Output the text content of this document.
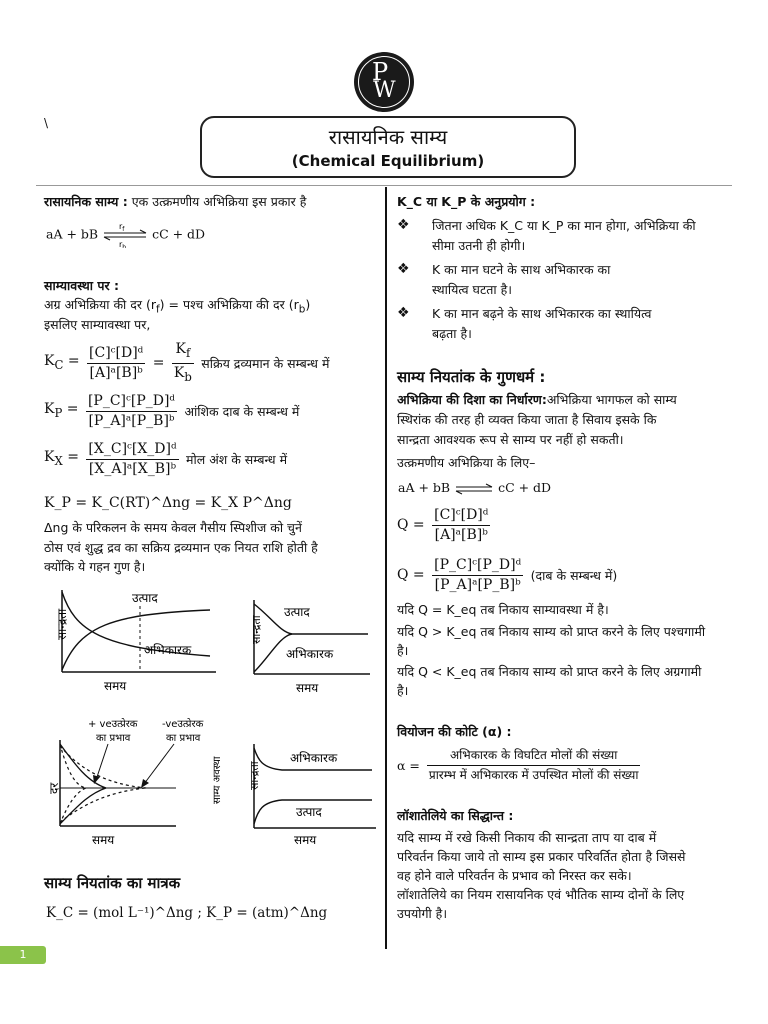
P
W
\
रासायनिक साम्य
(Chemical Equilibrium)
रासायनिक साम्य : एक उत्क्रमणीय अभिक्रिया इस प्रकार है
aA + bB	$r_f$
$r_b$
cC + dD
साम्यावस्था पर :
अग्र अभिक्रिया की दर $(r_f)$ = पश्च अभिक्रिया की दर $(r_b)$
इसलिए साम्यावस्था पर,
$K_C = \frac{\text{[C]ᶜ[D]ᵈ}}{\text{[A]ᵃ[B]ᵇ}} = \frac{K_f}{K_b}$ सक्रिय द्रव्यमान के सम्बन्ध में
$K_P = \frac{\text{[P\_C]ᶜ[P\_D]ᵈ}}{\text{[P\_A]ᵃ[P\_B]ᵇ}}$ आंशिक दाब के सम्बन्ध में
$K_X = \frac{\text{[X\_C]ᶜ[X\_D]ᵈ}}{\text{[X\_A]ᵃ[X\_B]ᵇ}}$ मोल अंश के सम्बन्ध में
K_P = K_C(RT)^Δng = K_X P^Δng
Δng के परिकलन के समय केवल गैसीय स्पिशीज को चुनें
ठोस एवं शुद्ध द्रव का सक्रिय द्रव्यमान एक नियत राशि होती है
क्योंकि ये गहन गुण है।
सान्द्रता
उत्पाद
अभिकारक
समय
सान्द्रता
उत्पाद
अभिकारक
समय
+ veउत्प्रेरक
का प्रभाव
-veउत्प्रेरक
का प्रभाव
दर	साम्य अवस्था
समय
सान्द्रता
अभिकारक
उत्पाद
समय
साम्य नियतांक का मात्रक
K_C = (mol L⁻¹)^Δng ; K_P = (atm)^Δng
K_C या K_P के अनुप्रयोग :
❖ जितना अधिक K_C या K_P का मान होगा, अभिक्रिया की
सीमा उतनी ही होगी।
❖ K का मान घटने के साथ अभिकारक का
स्थायित्व घटता है।
❖ K का मान बढ़ने के साथ अभिकारक का स्थायित्व
बढ़ता है।
साम्य नियतांक के गुणधर्म :
अभिक्रिया की दिशा का निर्धारण:अभिक्रिया भागफल को साम्य
स्थिरांक की तरह ही व्यक्त किया जाता है सिवाय इसके कि
सान्द्रता आवश्यक रूप से साम्य पर नहीं हो सकती।
उत्क्रमणीय अभिक्रिया के लिए–
aA + bB ⇌ cC + dD
$Q = \frac{\text{[C]ᶜ[D]ᵈ}}{\text{[A]ᵃ[B]ᵇ}}$
$Q = \frac{\text{[P\_C]ᶜ[P\_D]ᵈ}}{\text{[P\_A]ᵃ[P\_B]ᵇ}}$ (दाब के सम्बन्ध में)
यदि Q = K_eq तब निकाय साम्यावस्था में है।
यदि Q > K_eq तब निकाय साम्य को प्राप्त करने के लिए पश्चगामी
है।
यदि Q < K_eq तब निकाय साम्य को प्राप्त करने के लिए अग्रगामी
है।
वियोजन की कोटि (α) :
$\alpha = \frac{\text{अभिकारक के विघटित मोलों की संख्या}}{\text{प्रारम्भ में अभिकारक में उपस्थित मोलों की संख्या}}$
लॉशातेलिये का सिद्धान्त :
यदि साम्य में रखे किसी निकाय की सान्द्रता ताप या दाब में
परिवर्तन किया जाये तो साम्य इस प्रकार परिवर्तित होता है जिससे
वह होने वाले परिवर्तन के प्रभाव को निरस्त कर सके।
लॉशातेलिये का नियम रासायनिक एवं भौतिक साम्य दोनों के लिए
उपयोगी है।
1
